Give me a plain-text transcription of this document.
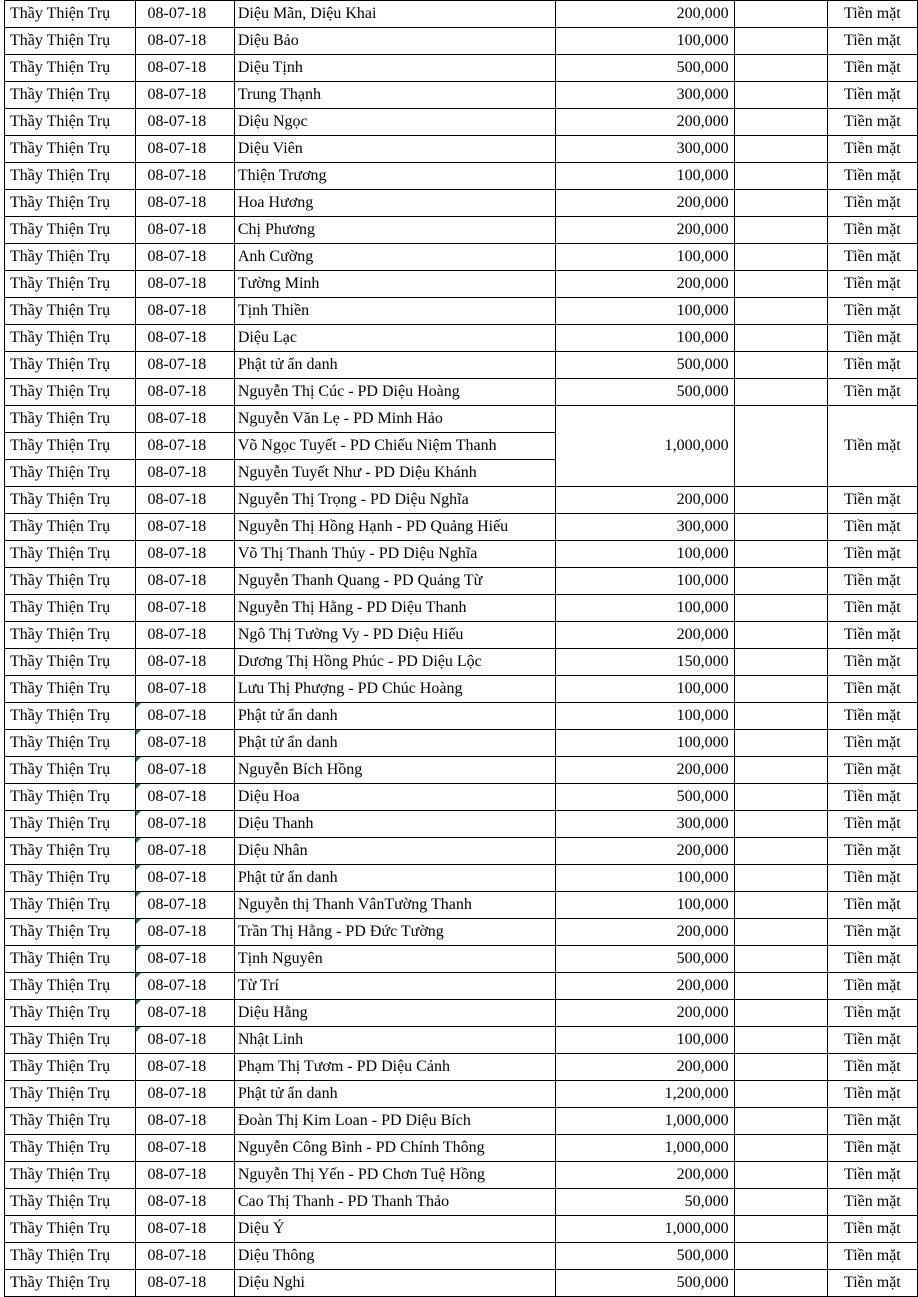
Thầy Thiện Trụ	08-07-18	Diệu Mãn, Diệu Khai	200,000		Tiền mặt
Thầy Thiện Trụ	08-07-18	Diệu Bảo	100,000		Tiền mặt
Thầy Thiện Trụ	08-07-18	Diệu Tịnh	500,000		Tiền mặt
Thầy Thiện Trụ	08-07-18	Trung Thạnh	300,000		Tiền mặt
Thầy Thiện Trụ	08-07-18	Diệu Ngọc	200,000		Tiền mặt
Thầy Thiện Trụ	08-07-18	Diệu Viên	300,000		Tiền mặt
Thầy Thiện Trụ	08-07-18	Thiện Trương	100,000		Tiền mặt
Thầy Thiện Trụ	08-07-18	Hoa Hương	200,000		Tiền mặt
Thầy Thiện Trụ	08-07-18	Chị Phương	200,000		Tiền mặt
Thầy Thiện Trụ	08-07-18	Anh Cường	100,000		Tiền mặt
Thầy Thiện Trụ	08-07-18	Tường Minh	200,000		Tiền mặt
Thầy Thiện Trụ	08-07-18	Tịnh Thiền	100,000		Tiền mặt
Thầy Thiện Trụ	08-07-18	Diệu Lạc	100,000		Tiền mặt
Thầy Thiện Trụ	08-07-18	Phật tử ẩn danh	500,000		Tiền mặt
Thầy Thiện Trụ	08-07-18	Nguyễn Thị Cúc - PD Diệu Hoàng	500,000		Tiền mặt
Thầy Thiện Trụ	08-07-18	Nguyễn Văn Lẹ - PD Minh Hảo	1,000,000		Tiền mặt
Thầy Thiện Trụ	08-07-18	Võ Ngọc Tuyết - PD Chiếu Niệm Thanh			
Thầy Thiện Trụ	08-07-18	Nguyễn Tuyết Như - PD Diệu Khánh			
Thầy Thiện Trụ	08-07-18	Nguyễn Thị Trọng - PD Diệu Nghĩa	200,000		Tiền mặt
Thầy Thiện Trụ	08-07-18	Nguyễn Thị Hồng Hạnh - PD Quảng Hiếu	300,000		Tiền mặt
Thầy Thiện Trụ	08-07-18	Võ Thị Thanh Thủy - PD Diệu Nghĩa	100,000		Tiền mặt
Thầy Thiện Trụ	08-07-18	Nguyễn Thanh Quang - PD Quảng Từ	100,000		Tiền mặt
Thầy Thiện Trụ	08-07-18	Nguyễn Thị Hằng - PD Diệu Thanh	100,000		Tiền mặt
Thầy Thiện Trụ	08-07-18	Ngô Thị Tường Vy - PD Diệu Hiếu	200,000		Tiền mặt
Thầy Thiện Trụ	08-07-18	Dương Thị Hồng Phúc - PD Diệu Lộc	150,000		Tiền mặt
Thầy Thiện Trụ	08-07-18	Lưu Thị Phượng - PD Chúc Hoàng	100,000		Tiền mặt
Thầy Thiện Trụ	08-07-18	Phật tử ẩn danh	100,000		Tiền mặt
Thầy Thiện Trụ	08-07-18	Phật tử ẩn danh	100,000		Tiền mặt
Thầy Thiện Trụ	08-07-18	Nguyễn Bích Hồng	200,000		Tiền mặt
Thầy Thiện Trụ	08-07-18	Diệu Hoa	500,000		Tiền mặt
Thầy Thiện Trụ	08-07-18	Diệu Thanh	300,000		Tiền mặt
Thầy Thiện Trụ	08-07-18	Diệu Nhân	200,000		Tiền mặt
Thầy Thiện Trụ	08-07-18	Phật tử ẩn danh	100,000		Tiền mặt
Thầy Thiện Trụ	08-07-18	Nguyễn thị Thanh VânTường Thanh	100,000		Tiền mặt
Thầy Thiện Trụ	08-07-18	Trần Thị Hằng - PD Đức Tường	200,000		Tiền mặt
Thầy Thiện Trụ	08-07-18	Tịnh Nguyên	500,000		Tiền mặt
Thầy Thiện Trụ	08-07-18	Từ Trí	200,000		Tiền mặt
Thầy Thiện Trụ	08-07-18	Diệu Hằng	200,000		Tiền mặt
Thầy Thiện Trụ	08-07-18	Nhật Linh	100,000		Tiền mặt
Thầy Thiện Trụ	08-07-18	Phạm Thị Tươm - PD Diệu Cảnh	200,000		Tiền mặt
Thầy Thiện Trụ	08-07-18	Phật tử ẩn danh	1,200,000		Tiền mặt
Thầy Thiện Trụ	08-07-18	Đoàn Thị Kim Loan - PD Diệu Bích	1,000,000		Tiền mặt
Thầy Thiện Trụ	08-07-18	Nguyễn Công Bình - PD Chính Thông	1,000,000		Tiền mặt
Thầy Thiện Trụ	08-07-18	Nguyễn Thị Yến - PD Chơn Tuệ Hồng	200,000		Tiền mặt
Thầy Thiện Trụ	08-07-18	Cao Thị Thanh - PD Thanh Thảo	50,000		Tiền mặt
Thầy Thiện Trụ	08-07-18	Diệu Ý	1,000,000		Tiền mặt
Thầy Thiện Trụ	08-07-18	Diệu Thông	500,000		Tiền mặt
Thầy Thiện Trụ	08-07-18	Diệu Nghi	500,000		Tiền mặt
